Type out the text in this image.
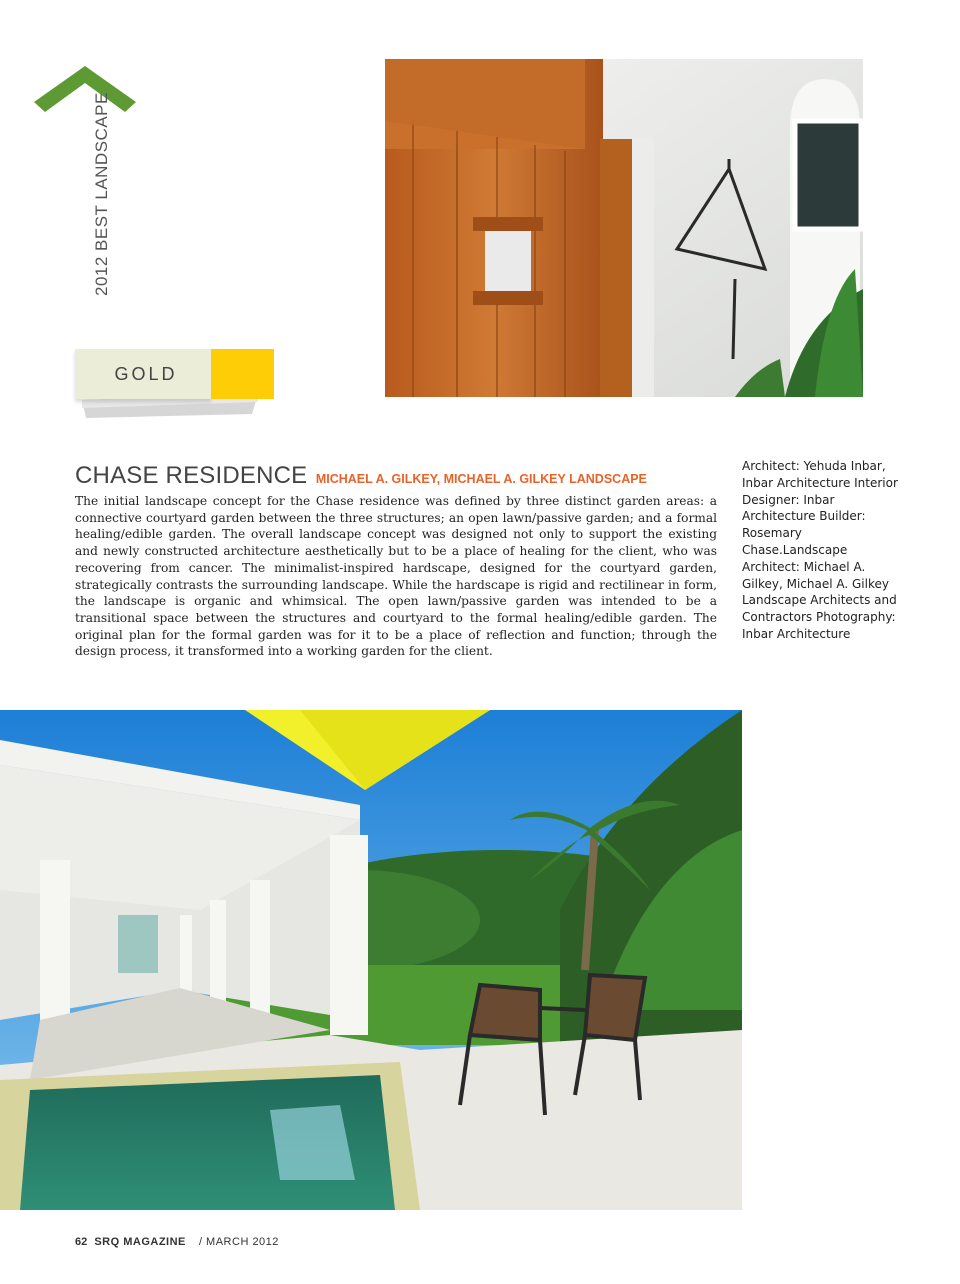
2012 BEST LANDSCAPE
GOLD
CHASE RESIDENCE MICHAEL A. GILKEY, MICHAEL A. GILKEY LANDSCAPE

The initial landscape concept for the Chase residence was defined by three distinct garden areas: a connective courtyard garden between the three structures; an open lawn/passive garden; and a formal healing/edible garden. The overall landscape concept was designed not only to support the existing and newly constructed architecture aesthetically but to be a place of healing for the client, who was recovering from cancer. The minimalist-inspired hardscape, designed for the courtyard garden, strategically contrasts the surrounding landscape. While the hardscape is rigid and rectilinear in form, the landscape is organic and whimsical. The open lawn/passive garden was intended to be a transitional space between the structures and courtyard to the formal healing/edible garden. The original plan for the formal garden was for it to be a place of reflection and function; through the design process, it transformed into a working garden for the client.

Architect: Yehuda Inbar, Inbar Architecture Interior Designer: Inbar Architecture Builder: Rosemary Chase.Landscape Architect: Michael A. Gilkey, Michael A. Gilkey Landscape Architects and Contractors Photography: Inbar Architecture

62 SRQ MAGAZINE / MARCH 2012
